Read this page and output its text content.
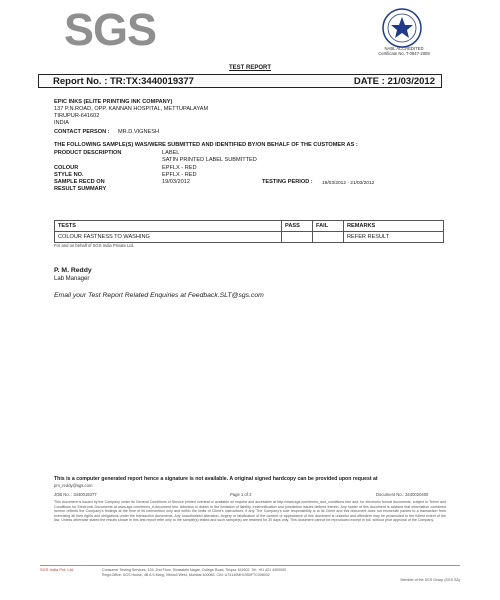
SGS	NABL ACCREDITED
Certificate No. T-0847-2008
TEST REPORT
Report No. : TR:TX:3440019377	DATE : 21/03/2012
EPIC INKS (ELITE PRINTING INK COMPANY)
137 P.N.ROAD, OPP. KANNAN HOSPITAL, METTUPALAYAM
TIRUPUR-641602
INDIA
CONTACT PERSON : MR.D.VIGNESH
THE FOLLOWING SAMPLE(S) WAS/WERE SUBMITTED AND IDENTIFIED BY/ON BEHALF OF THE CUSTOMER AS :
PRODUCT DESCRIPTION	LABEL
SATIN PRINTED LABEL SUBMITTED
COLOUR	EPFLX - RED
STYLE NO.	EPFLX - RED
SAMPLE RECD ON	19/03/2012	TESTING PERIOD : 19/03/2012 - 21/03/2012
RESULT SUMMARY
TESTS	PASS	FAIL	REMARKS
COLOUR FASTNESS TO WASHING			REFER RESULT
For and on behalf of SGS India Private Ltd.
P. M. Reddy
Lab Manager
Email your Test Report Related Enquiries at Feedback.SLT@sgs.com
This is a computer generated report hence a signature is not available. A original signed hardcopy can be provided upon request at
pm_reddy@sgs.com
JOB No. : 3440019377	Page 1 of 2	Document No.: 3440020400
This document is issued by the Company under its General Conditions of Service printed overleaf or available on request and accessible at http://www.sgs.com/terms_and_conditions.htm and, for electronic format documents, subject to Terms and Conditions for Electronic Documents at www.sgs.com/terms_e-document.htm. Attention is drawn to the limitation of liability, indemnification and jurisdiction issues defined therein. Any holder of this document is advised that information contained hereon reflects the Company's findings at the time of its intervention only and within the limits of Client's instructions, if any. The Company's sole responsibility is to its Client and this document does not exonerate parties to a transaction from exercising all their rights and obligations under the transaction documents. Any unauthorized alteration, forgery or falsification of the content or appearance of this document is unlawful and offenders may be prosecuted to the fullest extent of the law. Unless otherwise stated the results shown in this test report refer only to the sample(s) tested and such sample(s) are retained for 30 days only. This document cannot be reproduced except in full, without prior approval of the Company.
SGS India Pvt. Ltd.	Consumer Testing Services, 104, 2nd Floor, Sivasakthi Nagar, College Road, Tirupur 641602. Tel: +91 421 4300000
Regd.Office: SGS House, 4B A S Marg, Vikhroli West, Mumbai 400083. CIN: U74140MH1950FTC008032
Member of the SGS Group (SGS SA)
